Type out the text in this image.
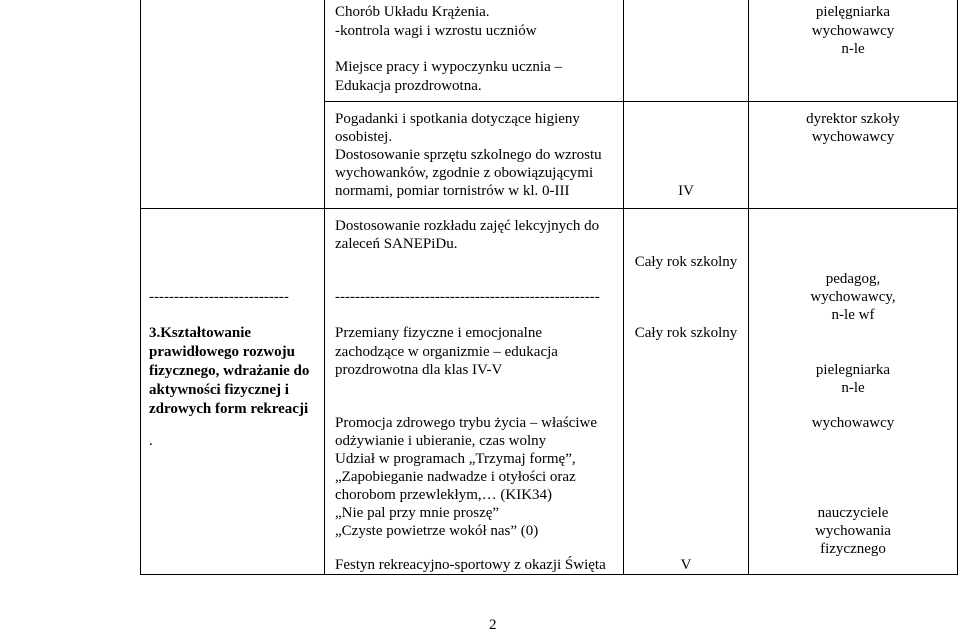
----------------------------
3.Kształtowanie
prawidłowego rozwoju
fizycznego, wdrażanie do
aktywności fizycznej i
zdrowych form rekreacji
.
Chorób Układu Krążenia.
-kontrola wagi i wzrostu uczniów
Miejsce pracy i wypoczynku ucznia –
Edukacja prozdrowotna.
Pogadanki i spotkania dotyczące higieny
osobistej.
Dostosowanie sprzętu szkolnego do wzrostu
wychowanków, zgodnie z obowiązującymi
normami, pomiar tornistrów w kl. 0-III
Dostosowanie rozkładu zajęć lekcyjnych do
zaleceń SANEPiDu.
-----------------------------------------------------
Przemiany fizyczne i emocjonalne
zachodzące w organizmie – edukacja
prozdrowotna dla klas IV-V
Promocja zdrowego trybu życia – właściwe
odżywianie i ubieranie, czas wolny
Udział w programach „Trzymaj formę”,
„Zapobieganie nadwadze i otyłości oraz
chorobom przewlekłym,… (KIK34)
„Nie pal przy mnie proszę”
„Czyste powietrze wokół nas” (0)
Festyn rekreacyjno-sportowy z okazji Święta
IV
Cały rok szkolny
Cały rok szkolny
V
pielęgniarka
wychowawcy
n-le
dyrektor szkoły
wychowawcy
pedagog,
wychowawcy,
n-le wf
pielegniarka
n-le
wychowawcy
nauczyciele
wychowania
fizycznego
2
